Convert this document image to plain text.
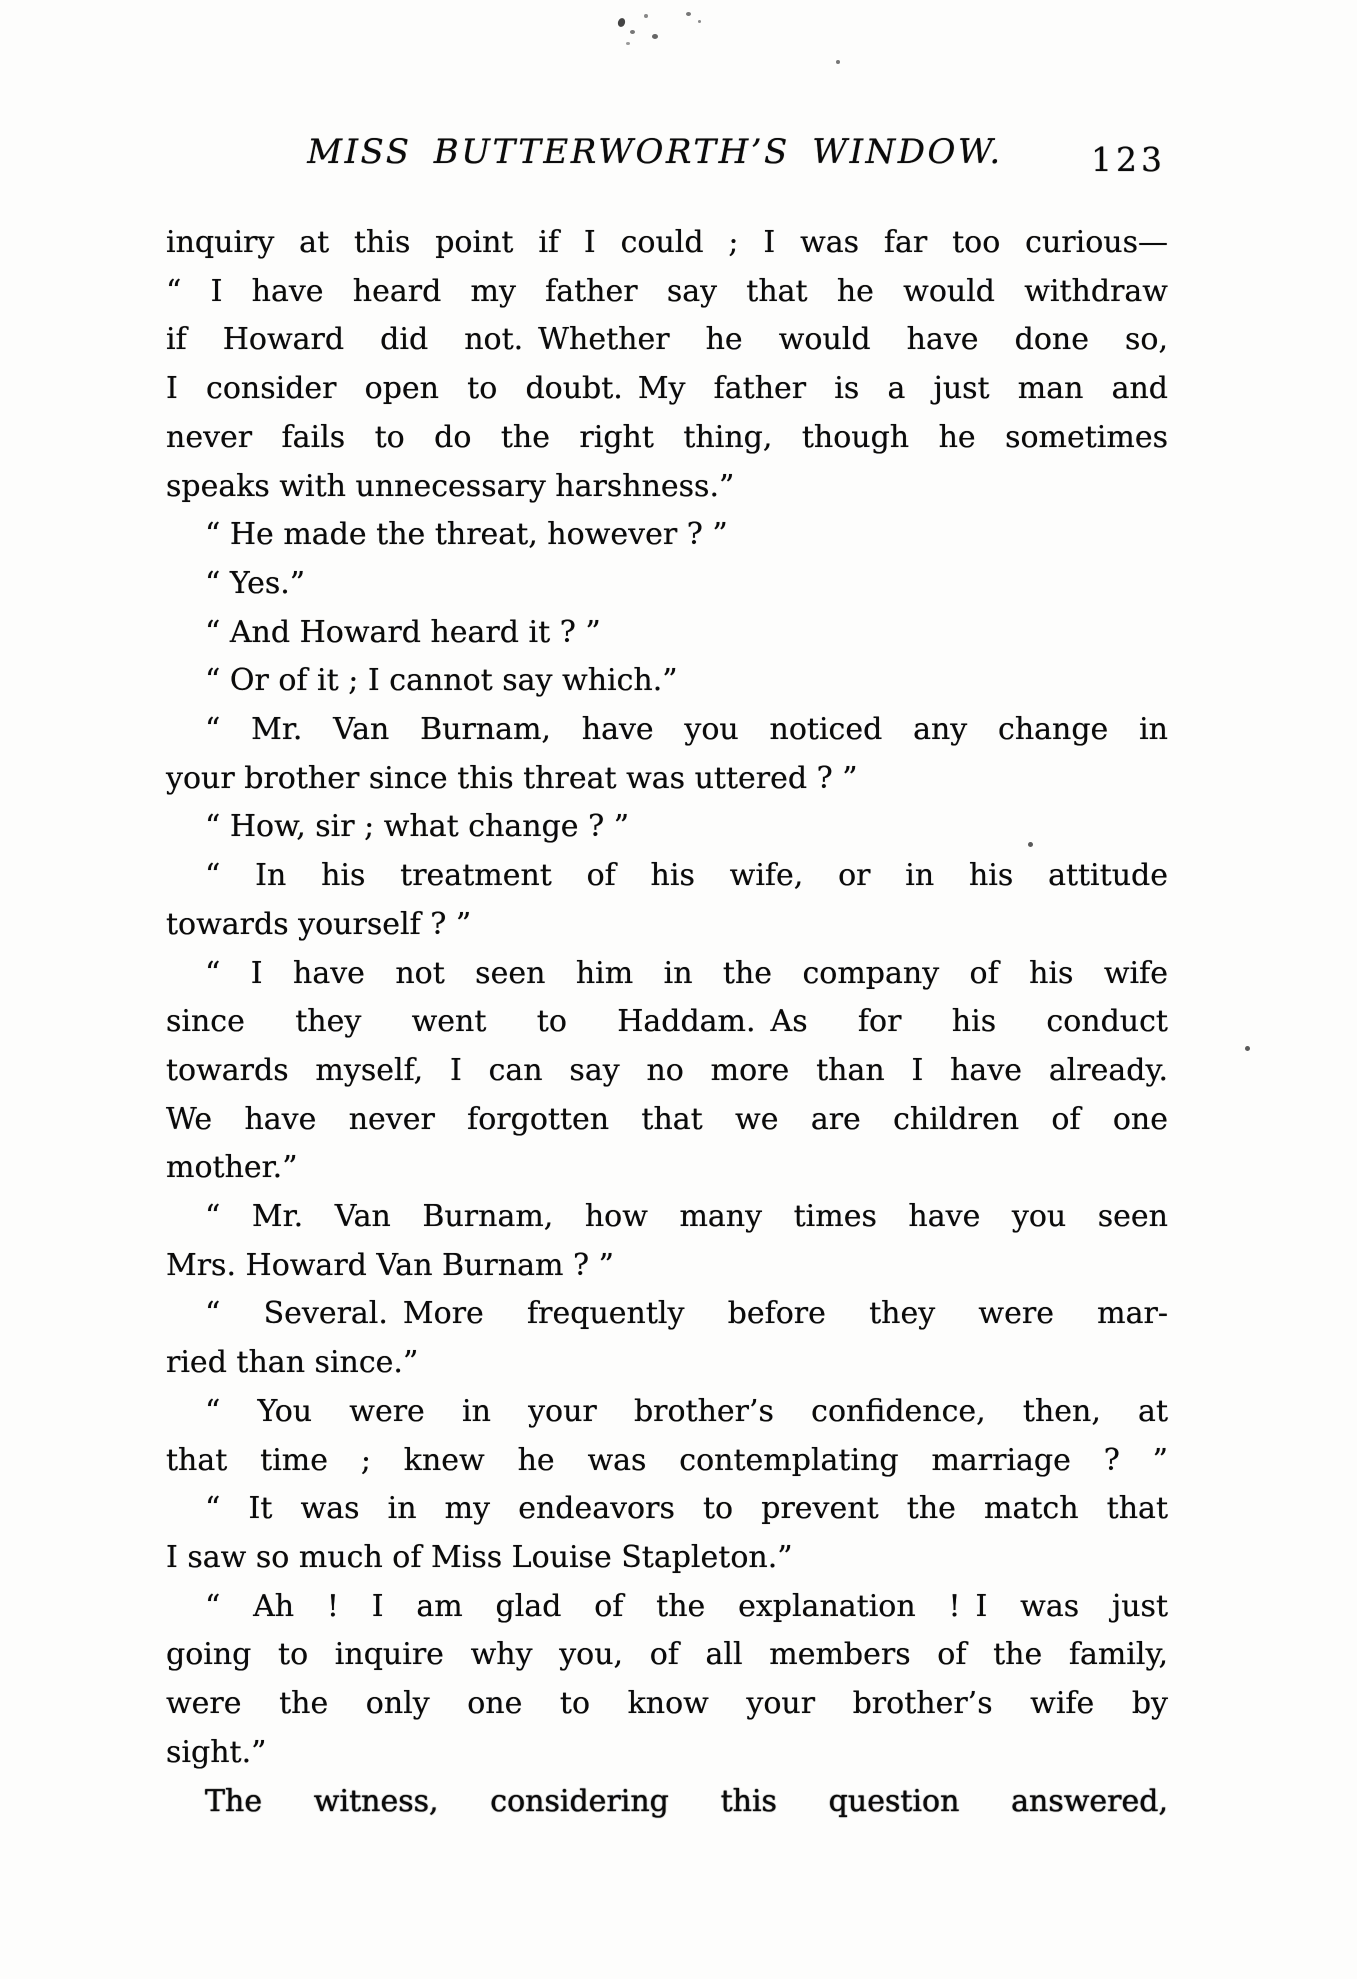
MISS BUTTERWORTH’S WINDOW.	123
inquiry at this point if I could ; I was far too curious—
“ I have heard my father say that he would withdraw
if Howard did not. Whether he would have done so,
I consider open to doubt. My father is a just man and
never fails to do the right thing, though he sometimes
speaks with unnecessary harshness.”
“ He made the threat, however ? ”
“ Yes.”
“ And Howard heard it ? ”
“ Or of it ; I cannot say which.”
“ Mr. Van Burnam, have you noticed any change in
your brother since this threat was uttered ? ”
“ How, sir ; what change ? ”
“ In his treatment of his wife, or in his attitude
towards yourself ? ”
“ I have not seen him in the company of his wife
since they went to Haddam. As for his conduct
towards myself, I can say no more than I have already.
We have never forgotten that we are children of one
mother.”
“ Mr. Van Burnam, how many times have you seen
Mrs. Howard Van Burnam ? ”
“ Several. More frequently before they were mar-
ried than since.”
“ You were in your brother’s confidence, then, at
that time ; knew he was contemplating marriage ? ”
“ It was in my endeavors to prevent the match that
I saw so much of Miss Louise Stapleton.”
“ Ah ! I am glad of the explanation ! I was just
going to inquire why you, of all members of the family,
were the only one to know your brother’s wife by
sight.”
The witness, considering this question answered,
